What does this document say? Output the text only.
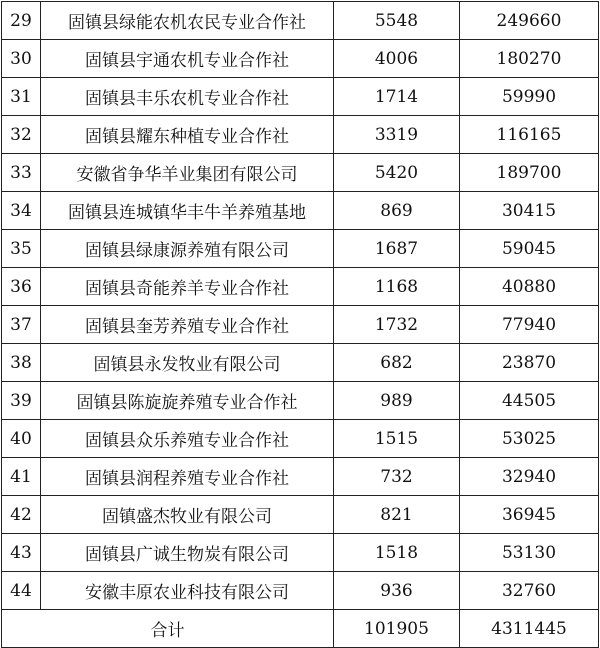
29	固镇县绿能农机农民专业合作社	5548	249660
30	固镇县宇通农机专业合作社	4006	180270
31	固镇县丰乐农机专业合作社	1714	59990
32	固镇县耀东种植专业合作社	3319	116165
33	安徽省争华羊业集团有限公司	5420	189700
34	固镇县连城镇华丰牛羊养殖基地	869	30415
35	固镇县绿康源养殖有限公司	1687	59045
36	固镇县奇能养羊专业合作社	1168	40880
37	固镇县奎芳养殖专业合作社	1732	77940
38	固镇县永发牧业有限公司	682	23870
39	固镇县陈旋旋养殖专业合作社	989	44505
40	固镇县众乐养殖专业合作社	1515	53025
41	固镇县润程养殖专业合作社	732	32940
42	固镇盛杰牧业有限公司	821	36945
43	固镇县广诚生物炭有限公司	1518	53130
44	安徽丰原农业科技有限公司	936	32760
合计		101905	4311445
